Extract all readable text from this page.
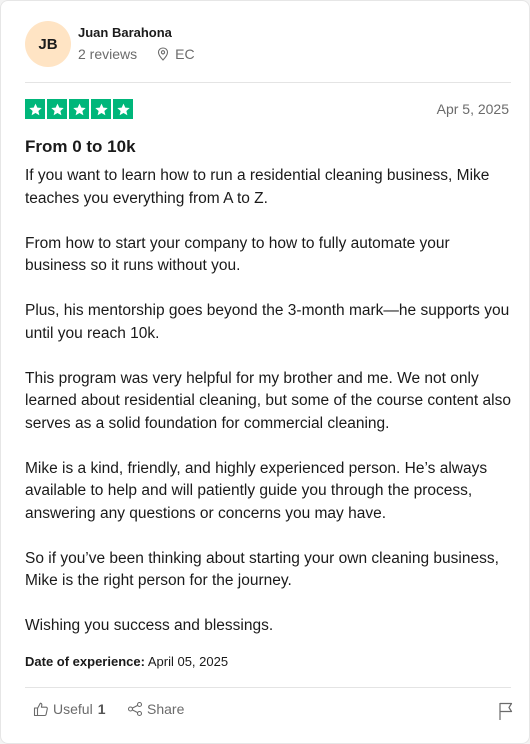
JB
Juan Barahona
2 reviews	EC
Apr 5, 2025
From 0 to 10k

If you want to learn how to run a residential cleaning business, Mike teaches you everything from A to Z.

From how to start your company to how to fully automate your business so it runs without you.

Plus, his mentorship goes beyond the 3-month mark—he supports you until you reach 10k.

This program was very helpful for my brother and me. We not only learned about residential cleaning, but some of the course content also serves as a solid foundation for commercial cleaning.

Mike is a kind, friendly, and highly experienced person. He’s always available to help and will patiently guide you through the process, answering any questions or concerns you may have.

So if you’ve been thinking about starting your own cleaning business, Mike is the right person for the journey.

Wishing you success and blessings.

Date of experience: April 05, 2025
Useful 1	Share
